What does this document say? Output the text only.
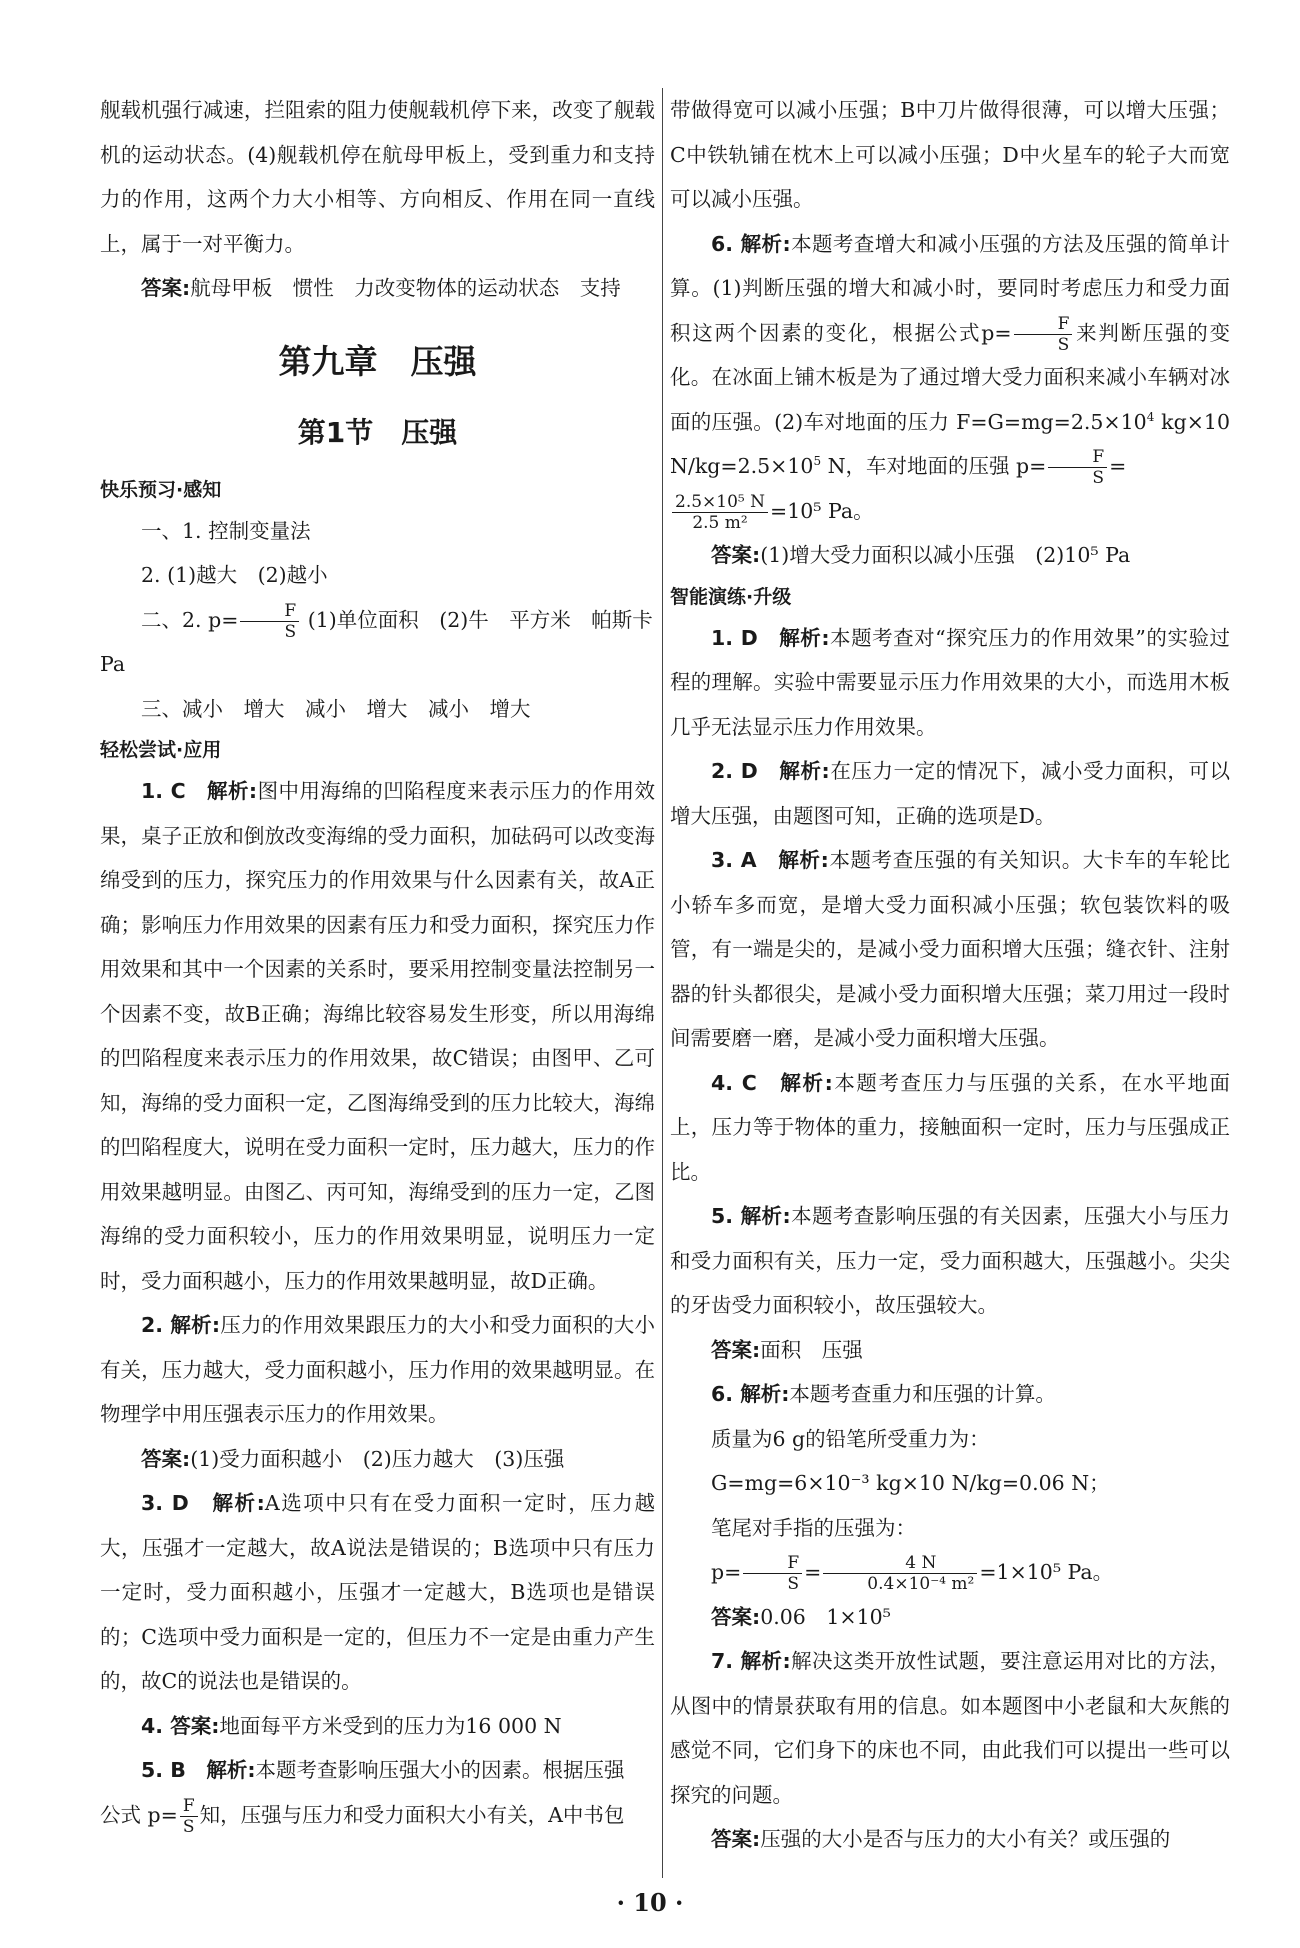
舰载机强行减速，拦阻索的阻力使舰载机停下来，改变了舰载机的运动状态。(4)舰载机停在航母甲板上，受到重力和支持力的作用，这两个力大小相等、方向相反、作用在同一直线上，属于一对平衡力。

答案:航母甲板　惯性　力改变物体的运动状态　支持

第九章　压强
第1节　压强
快乐预习·感知

一、1. 控制变量法

2. (1)越大　(2)越小

二、2. $p= \frac{F}{S} (1)$单位面积　(2)牛　平方米　帕斯卡

Pa

三、减小　增大　减小　增大　减小　增大

轻松尝试·应用

1. C　解析:图中用海绵的凹陷程度来表示压力的作用效果，桌子正放和倒放改变海绵的受力面积，加砝码可以改变海绵受到的压力，探究压力的作用效果与什么因素有关，故A正确；影响压力作用效果的因素有压力和受力面积，探究压力作用效果和其中一个因素的关系时，要采用控制变量法控制另一个因素不变，故B正确；海绵比较容易发生形变，所以用海绵的凹陷程度来表示压力的作用效果，故C错误；由图甲、乙可知，海绵的受力面积一定，乙图海绵受到的压力比较大，海绵的凹陷程度大，说明在受力面积一定时，压力越大，压力的作用效果越明显。由图乙、丙可知，海绵受到的压力一定，乙图海绵的受力面积较小，压力的作用效果明显，说明压力一定时，受力面积越小，压力的作用效果越明显，故D正确。

2. 解析:压力的作用效果跟压力的大小和受力面积的大小有关，压力越大，受力面积越小，压力作用的效果越明显。在物理学中用压强表示压力的作用效果。

答案:(1)受力面积越小　(2)压力越大　(3)压强

3. D　解析:A选项中只有在受力面积一定时，压力越大，压强才一定越大，故A说法是错误的；B选项中只有压力一定时，受力面积越小，压强才一定越大，B选项也是错误的；C选项中受力面积是一定的，但压力不一定是由重力产生的，故C的说法也是错误的。

4. 答案:地面每平方米受到的压力为16 000 N

5. B　解析:本题考查影响压强大小的因素。根据压强

公式 $p= \frac{F}{S}$ 知，压强与压力和受力面积大小有关，A中书包

带做得宽可以减小压强；B中刀片做得很薄，可以增大压强；C中铁轨铺在枕木上可以减小压强；D中火星车的轮子大而宽可以减小压强。

6. 解析:本题考查增大和减小压强的方法及压强的简单计算。(1)判断压强的增大和减小时，要同时考虑压力和受力面积这两个因素的变化，根据公式$p= \frac{F}{S}$ 来判断压强的变化。在冰面上铺木板是为了通过增大受力面积来减小车辆对冰面的压强。(2)车对地面的压力 $F=G=mg=2.5\times 10^4$ kg×10 $N/kg=2.5\times 10^5$ N，车对地面的压强 $p= \frac{F}{S}$ =

$\frac{\text{2.5×10⁵ N}}{\text{2.5 m²}} =10^5$ Pa。

答案:(1)增大受力面积以减小压强　(2)10⁵ Pa

智能演练·升级

1. D　解析:本题考查对“探究压力的作用效果”的实验过程的理解。实验中需要显示压力作用效果的大小，而选用木板几乎无法显示压力作用效果。

2. D　解析:在压力一定的情况下，减小受力面积，可以增大压强，由题图可知，正确的选项是D。

3. A　解析:本题考查压强的有关知识。大卡车的车轮比小轿车多而宽，是增大受力面积减小压强；软包装饮料的吸管，有一端是尖的，是减小受力面积增大压强；缝衣针、注射器的针头都很尖，是减小受力面积增大压强；菜刀用过一段时间需要磨一磨，是减小受力面积增大压强。

4. C　解析:本题考查压力与压强的关系，在水平地面上，压力等于物体的重力，接触面积一定时，压力与压强成正比。

5. 解析:本题考查影响压强的有关因素，压强大小与压力和受力面积有关，压力一定，受力面积越大，压强越小。尖尖的牙齿受力面积较小，故压强较大。

答案:面积　压强

6. 解析:本题考查重力和压强的计算。

质量为6 g的铅笔所受重力为：

G=mg=6×10⁻³ kg×10 N/kg=0.06 N；

笔尾对手指的压强为：

$p= \frac{F}{S} = \frac{4 N}{\text{0.4×10⁻⁴ m²}} =1\times 10^5$ Pa。

答案:0.06　1×10⁵

7. 解析:解决这类开放性试题，要注意运用对比的方法，从图中的情景获取有用的信息。如本题图中小老鼠和大灰熊的感觉不同，它们身下的床也不同，由此我们可以提出一些可以探究的问题。

答案:压强的大小是否与压力的大小有关？或压强的

· 10 ·
